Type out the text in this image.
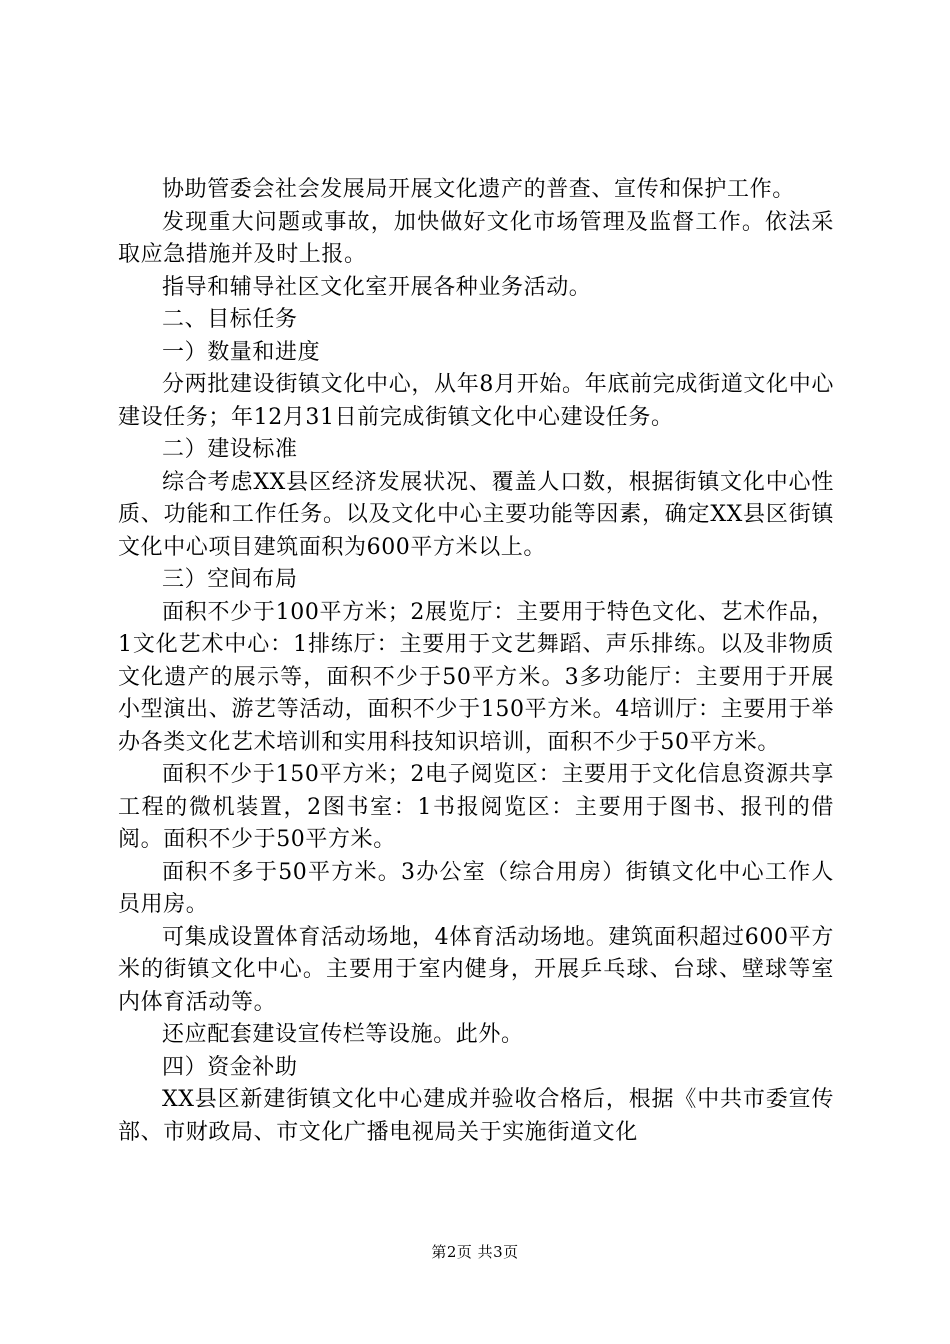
协助管委会社会发展局开展文化遗产的普查、宣传和保护工作。

发现重大问题或事故，加快做好文化市场管理及监督工作。依法采取应急措施并及时上报。

指导和辅导社区文化室开展各种业务活动。

二、目标任务

一）数量和进度

分两批建设街镇文化中心，从年8月开始。年底前完成街道文化中心建设任务；年12月31日前完成街镇文化中心建设任务。

二）建设标准

综合考虑XX县区经济发展状况、覆盖人口数，根据街镇文化中心性质、功能和工作任务。以及文化中心主要功能等因素，确定XX县区街镇文化中心项目建筑面积为600平方米以上。

三）空间布局

面积不少于100平方米；2展览厅：主要用于特色文化、艺术作品，1文化艺术中心：1排练厅：主要用于文艺舞蹈、声乐排练。以及非物质文化遗产的展示等，面积不少于50平方米。3多功能厅：主要用于开展小型演出、游艺等活动，面积不少于150平方米。4培训厅：主要用于举办各类文化艺术培训和实用科技知识培训，面积不少于50平方米。

面积不少于150平方米；2电子阅览区：主要用于文化信息资源共享工程的微机装置，2图书室：1书报阅览区：主要用于图书、报刊的借阅。面积不少于50平方米。

面积不多于50平方米。3办公室（综合用房）街镇文化中心工作人员用房。

可集成设置体育活动场地，4体育活动场地。建筑面积超过600平方米的街镇文化中心。主要用于室内健身，开展乒乓球、台球、壁球等室内体育活动等。

还应配套建设宣传栏等设施。此外。

四）资金补助

XX县区新建街镇文化中心建成并验收合格后，根据《中共市委宣传部、市财政局、市文化广播电视局关于实施街道文化

第2页 共3页
